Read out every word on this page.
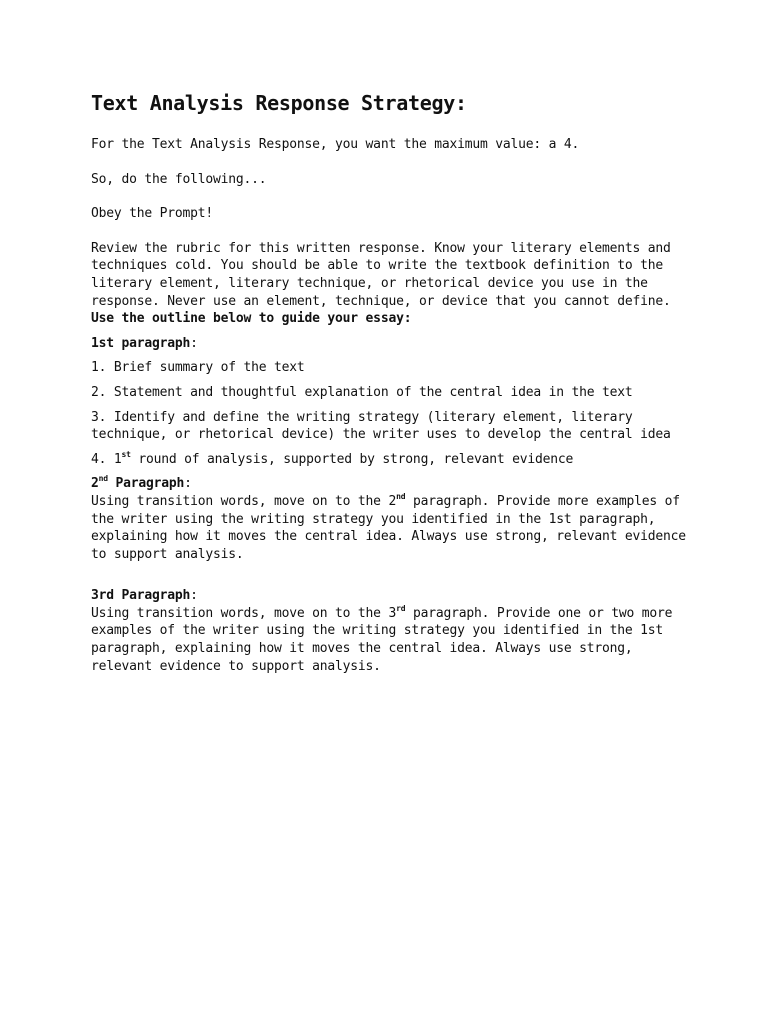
Text Analysis Response Strategy:

For the Text Analysis Response, you want the maximum value: a 4.

So, do the following...

Obey the Prompt!

Review the rubric for this written response. Know your literary elements and techniques cold. You should be able to write the textbook definition to the literary element, literary technique, or rhetorical device you use in the response. Never use an element, technique, or device that you cannot define.

Use the outline below to guide your essay:

1st paragraph:

1. Brief summary of the text

2. Statement and thoughtful explanation of the central idea in the text

3. Identify and define the writing strategy (literary element, literary technique, or rhetorical device) the writer uses to develop the central idea

4. 1st round of analysis, supported by strong, relevant evidence

2nd Paragraph:

Using transition words, move on to the 2nd paragraph. Provide more examples of the writer using the writing strategy you identified in the 1st paragraph, explaining how it moves the central idea. Always use strong, relevant evidence to support analysis.

3rd Paragraph:

Using transition words, move on to the 3rd paragraph. Provide one or two more examples of the writer using the writing strategy you identified in the 1st paragraph, explaining how it moves the central idea. Always use strong, relevant evidence to support analysis.
